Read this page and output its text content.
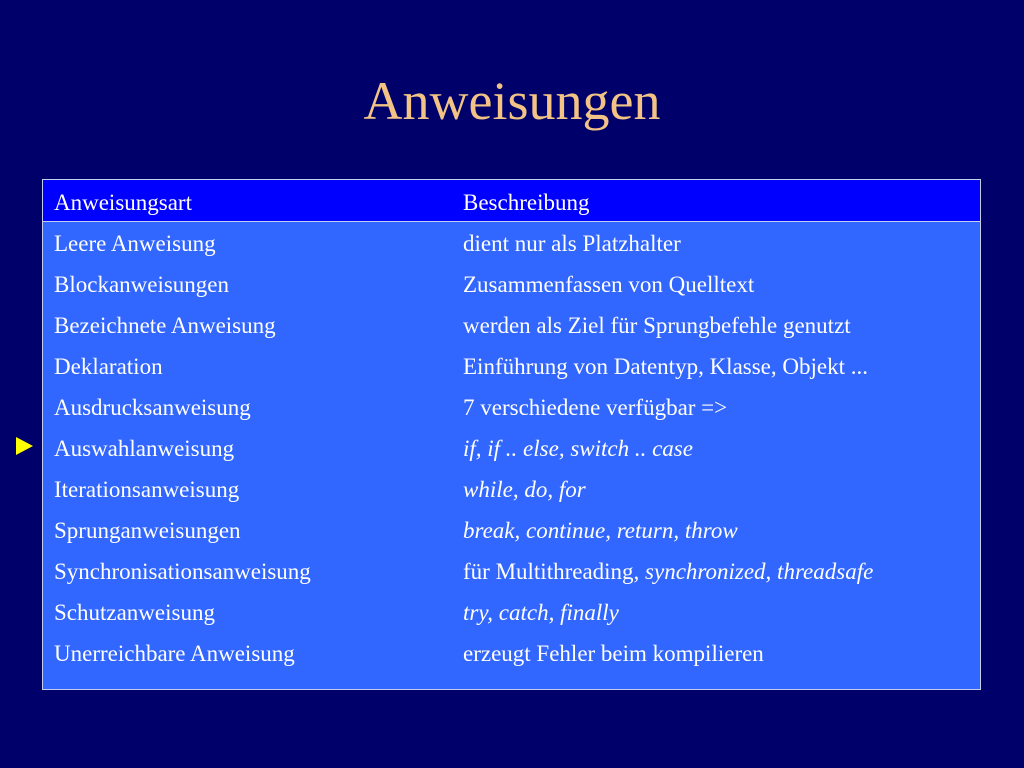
Anweisungen
Anweisungsart	Beschreibung
Leere Anweisung	dient nur als Platzhalter
Blockanweisungen	Zusammenfassen von Quelltext
Bezeichnete Anweisung	werden als Ziel für Sprungbefehle genutzt
Deklaration	Einführung von Datentyp, Klasse, Objekt ...
Ausdrucksanweisung	7 verschiedene verfügbar =>
Auswahlanweisung	if, if .. else, switch .. case
Iterationsanweisung	while, do, for
Sprunganweisungen	break, continue, return, throw
Synchronisationsanweisung	für Multithreading, synchronized, threadsafe
Schutzanweisung	try, catch, finally
Unerreichbare Anweisung	erzeugt Fehler beim kompilieren
